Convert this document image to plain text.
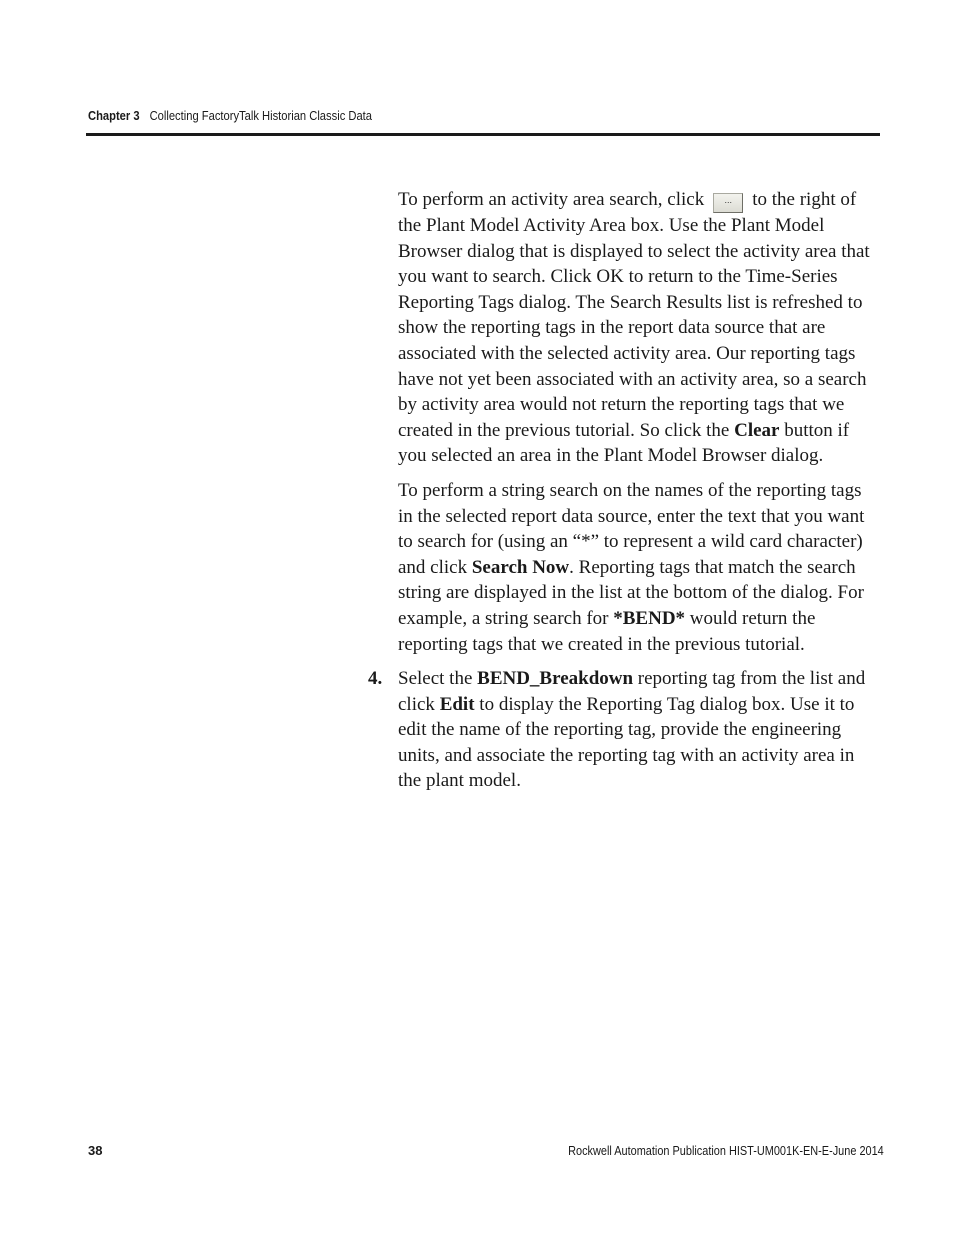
Chapter 3 Collecting FactoryTalk Historian Classic Data

To perform an activity area search, click ... to the right of the Plant Model Activity Area box. Use the Plant Model Browser dialog that is displayed to select the activity area that you want to search. Click OK to return to the Time-Series Reporting Tags dialog. The Search Results list is refreshed to show the reporting tags in the report data source that are associated with the selected activity area. Our reporting tags have not yet been associated with an activity area, so a search by activity area would not return the reporting tags that we created in the previous tutorial. So click the Clear button if you selected an area in the Plant Model Browser dialog.

To perform a string search on the names of the reporting tags in the selected report data source, enter the text that you want to search for (using an “*” to represent a wild card character) and click Search Now. Reporting tags that match the search string are displayed in the list at the bottom of the dialog. For example, a string search for *BEND* would return the reporting tags that we created in the previous tutorial.

4. Select the BEND_Breakdown reporting tag from the list and click Edit to display the Reporting Tag dialog box. Use it to edit the name of the reporting tag, provide the engineering units, and associate the reporting tag with an activity area in the plant model.

38	Rockwell Automation Publication HIST-UM001K-EN-E-June 2014
